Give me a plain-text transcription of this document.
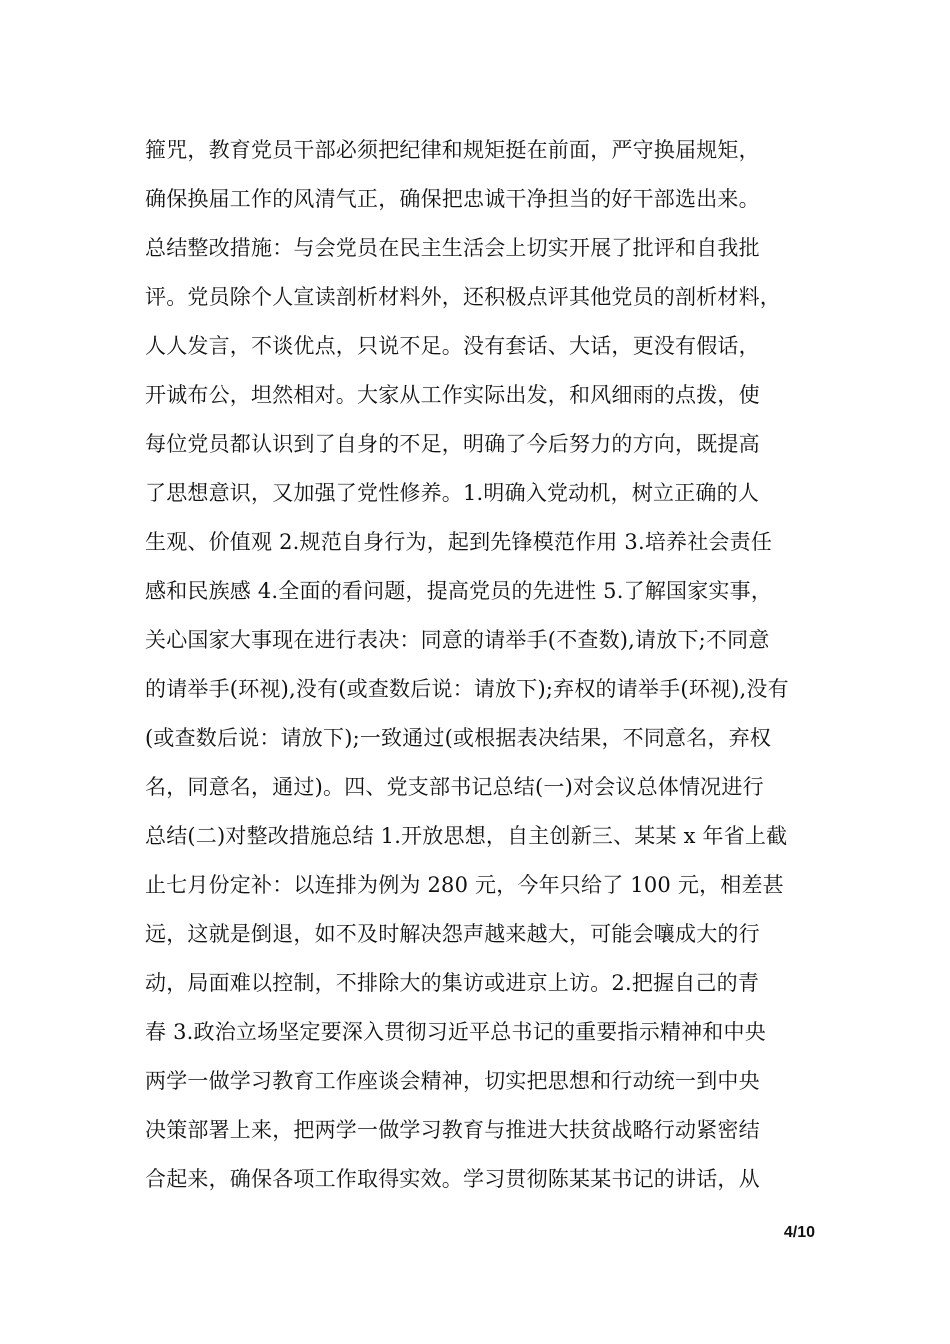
箍咒，教育党员干部必须把纪律和规矩挺在前面，严守换届规矩，
确保换届工作的风清气正，确保把忠诚干净担当的好干部选出来。
总结整改措施：与会党员在民主生活会上切实开展了批评和自我批
评。党员除个人宣读剖析材料外，还积极点评其他党员的剖析材料，
人人发言，不谈优点，只说不足。没有套话、大话，更没有假话，
开诚布公，坦然相对。大家从工作实际出发，和风细雨的点拨，使
每位党员都认识到了自身的不足，明确了今后努力的方向，既提高
了思想意识，又加强了党性修养。1.明确入党动机，树立正确的人
生观、价值观 2.规范自身行为，起到先锋模范作用 3.培养社会责任
感和民族感 4.全面的看问题，提高党员的先进性 5.了解国家实事，
关心国家大事现在进行表决：同意的请举手(不查数),请放下;不同意
的请举手(环视),没有(或查数后说：请放下);弃权的请举手(环视),没有
(或查数后说：请放下);一致通过(或根据表决结果，不同意名，弃权
名，同意名，通过)。四、党支部书记总结(一)对会议总体情况进行
总结(二)对整改措施总结 1.开放思想，自主创新三、某某 x 年省上截
止七月份定补：以连排为例为 280 元，今年只给了 100 元，相差甚
远，这就是倒退，如不及时解决怨声越来越大，可能会嚷成大的行
动，局面难以控制，不排除大的集访或进京上访。2.把握自己的青
春 3.政治立场坚定要深入贯彻习近平总书记的重要指示精神和中央
两学一做学习教育工作座谈会精神，切实把思想和行动统一到中央
决策部署上来，把两学一做学习教育与推进大扶贫战略行动紧密结
合起来，确保各项工作取得实效。学习贯彻陈某某书记的讲话，从
4/10
